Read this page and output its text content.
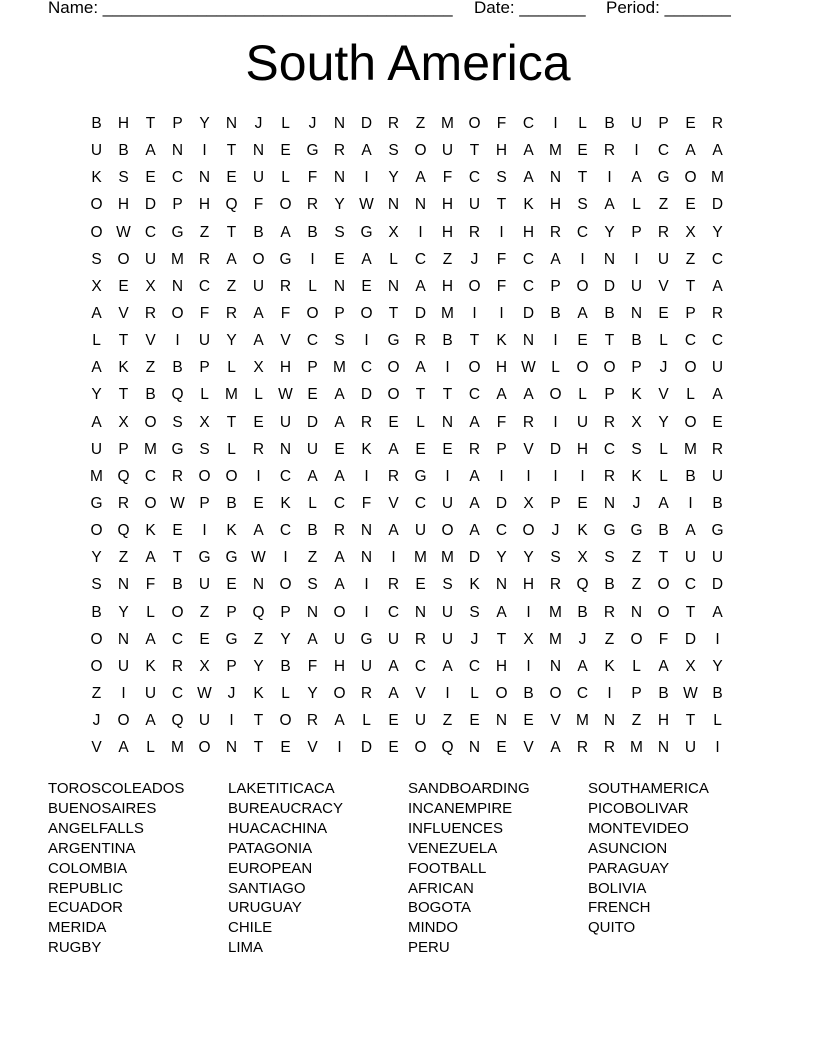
Name: _____________________________________ Date: _______ Period: _______
South America
B	H	T	P	Y	N	J	L	J	N	D	R	Z	M O	F	C	I	L	B	U	P	E	R
U	B	A	N	I	T	N	E	G R	A	S	O U	T	H	A M E	R	I	C	A	A
K	S	E	C	N	E	U	L	F	N	I	Y	A	F	C	S	A	N	T	I	A	G O M
O H	D	P	H Q	F	O R	Y W N	N	H	U	T	K	H	S	A	L	Z	E	D
O W C G	Z	T	B	A	B	S	G	X	I	H	R	I	H	R	C	Y	P	R	X	Y
S	O U M R	A	O G	I	E	A	L	C	Z	J	F	C	A	I	N	I	U	Z	C
X	E	X	N	C	Z	U	R	L	N	E	N	A	H O	F	C	P	O D	U	V	T	A
A	V	R O	F	R	A	F	O	P	O	T	D M	I	I	D	B	A	B	N	E	P	R
L	T	V	I	U	Y	A	V	C	S	I	G R	B	T	K	N	I	E	T	B	L	C	C
A	K	Z	B	P	L	X	H	P M C O	A	I	O H W L	O O	P	J	O U
Y	T	B	Q	L	M	L W E	A	D O	T	T	C	A	A	O	L	P	K	V	L	A
A	X	O	S	X	T	E	U	D	A	R	E	L	N	A	F	R	I	U	R	X	Y	O	E
U	P M G	S	L	R	N	U	E	K	A	E	E	R	P	V	D	H	C	S	L	M R
M Q C	R O O	I	C	A	A	I	R G	I	A	I	I	I	I	R	K	L	B	U
G R O W P	B	E	K	L	C	F	V	C	U	A	D	X	P	E	N	J	A	I	B
O Q	K	E	I	K	A	C	B	R	N	A	U O	A	C O	J	K	G G	B	A	G
Y	Z	A	T	G G W	I	Z	A	N	I	M M D	Y	Y	S	X	S	Z	T	U	U
S	N	F	B	U	E	N O	S	A	I	R	E	S	K	N	H	R Q	B	Z	O C	D
B	Y	L	O	Z	P	Q	P	N O	I	C	N	U	S	A	I	M B	R	N O	T	A
O N	A	C	E	G	Z	Y	A	U G U	R	U	J	T	X M	J	Z	O	F	D	I
O U	K	R	X	P	Y	B	F	H	U	A	C	A	C	H	I	N	A	K	L	A	X	Y
Z	I	U	C W	J	K	L	Y	O R	A	V	I	L	O	B	O C	I	P	B W B
J	O	A	Q U	I	T	O R	A	L	E	U	Z	E	N	E	V M N	Z	H	T	L
V	A	L	M O N	T	E	V	I	D	E	O Q N	E	V	A	R	R M N	U	I
TOROSCOLEADOS
BUENOSAIRES
ANGELFALLS
ARGENTINA
COLOMBIA
REPUBLIC
ECUADOR
MERIDA
RUGBY
LAKETITICACA
BUREAUCRACY
HUACACHINA
PATAGONIA
EUROPEAN
SANTIAGO
URUGUAY
CHILE
LIMA
SANDBOARDING
INCANEMPIRE
INFLUENCES
VENEZUELA
FOOTBALL
AFRICAN
BOGOTA
MINDO
PERU
SOUTHAMERICA
PICOBOLIVAR
MONTEVIDEO
ASUNCION
PARAGUAY
BOLIVIA
FRENCH
QUITO
